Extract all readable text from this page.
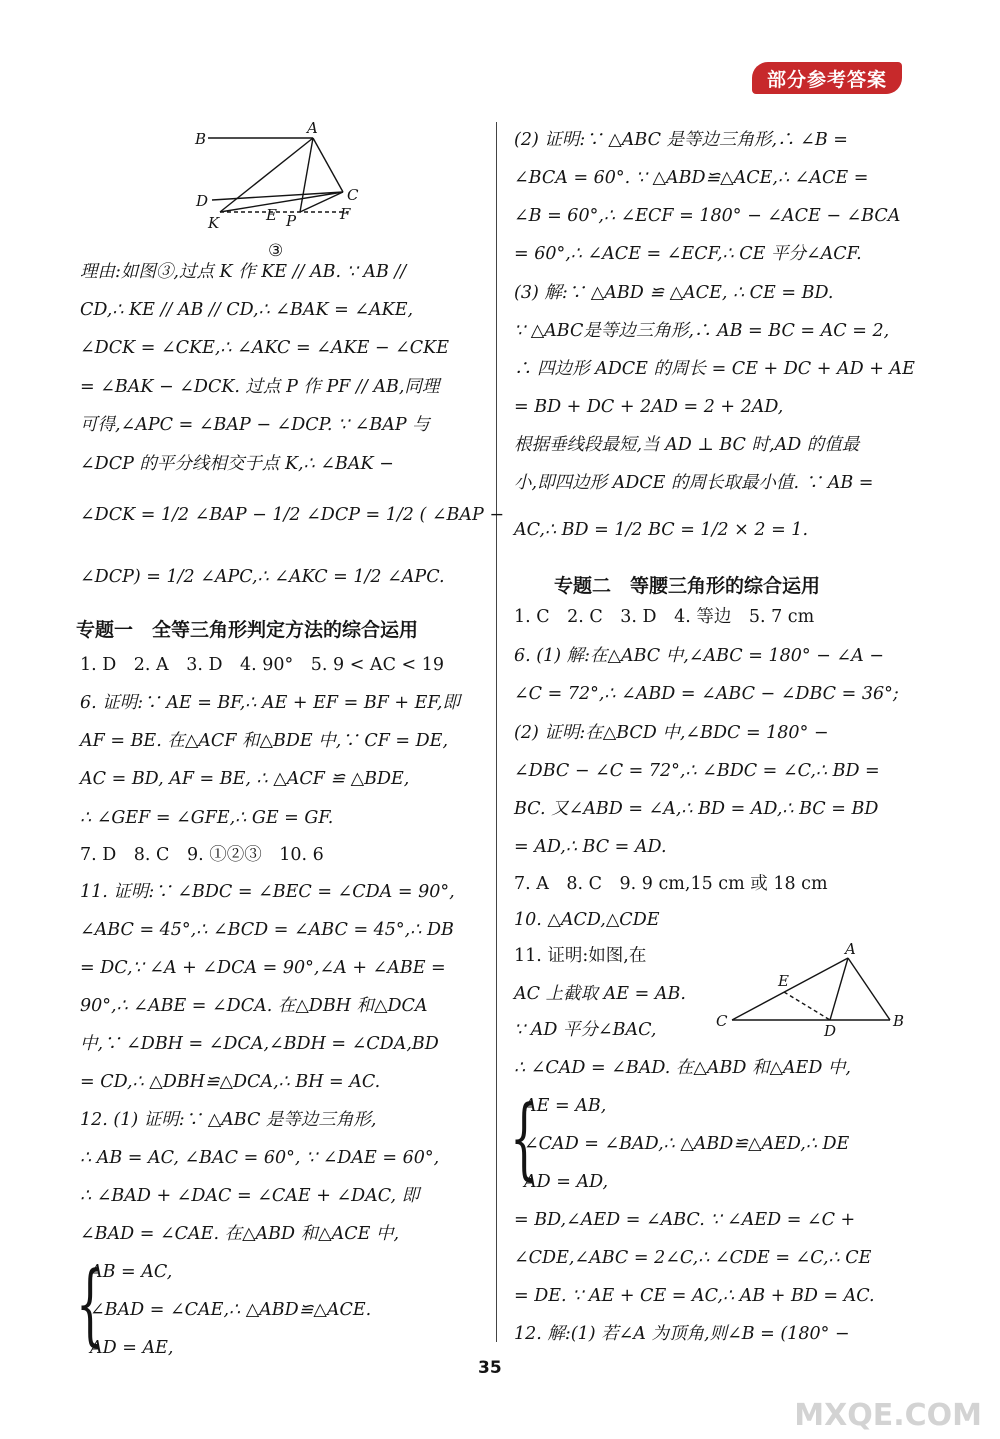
部分参考答案
B
A
D	C
K	E P	F
③
A
E
C
D
B
理由:如图③,过点 K 作 KE // AB. ∵ AB //
CD,∴ KE // AB // CD,∴ ∠BAK = ∠AKE,
∠DCK = ∠CKE,∴ ∠AKC = ∠AKE − ∠CKE
= ∠BAK − ∠DCK. 过点 P 作 PF // AB,同理
可得,∠APC = ∠BAP − ∠DCP. ∵ ∠BAP 与
∠DCP 的平分线相交于点 K,∴ ∠BAK −
∠DCK = 1/2 ∠BAP − 1/2 ∠DCP = 1/2 ( ∠BAP −
∠DCP) = 1/2 ∠APC,∴ ∠AKC = 1/2 ∠APC.
专题一　全等三角形判定方法的综合运用
1. D　2. A　3. D　4. 90°　5. 9 < AC < 19
6. 证明:∵ AE = BF,∴ AE + EF = BF + EF,即
AF = BE. 在△ACF 和△BDE 中,∵ CF = DE,
AC = BD, AF = BE, ∴ △ACF ≌ △BDE,
∴ ∠GEF = ∠GFE,∴ GE = GF.
7. D　8. C　9. ①②③　10. 6
11. 证明:∵ ∠BDC = ∠BEC = ∠CDA = 90°,
∠ABC = 45°,∴ ∠BCD = ∠ABC = 45°,∴ DB
= DC,∵ ∠A + ∠DCA = 90°,∠A + ∠ABE =
90°,∴ ∠ABE = ∠DCA. 在△DBH 和△DCA
中,∵ ∠DBH = ∠DCA,∠BDH = ∠CDA,BD
= CD,∴ △DBH≌△DCA,∴ BH = AC.
12. (1) 证明:∵ △ABC 是等边三角形,
∴ AB = AC, ∠BAC = 60°, ∵ ∠DAE = 60°,
∴ ∠BAD + ∠DAC = ∠CAE + ∠DAC, 即
∠BAD = ∠CAE. 在△ABD 和△ACE 中,
{
AB = AC,
∠BAD = ∠CAE,∴ △ABD≌△ACE.
AD = AE,
(2) 证明:∵ △ABC 是等边三角形,∴ ∠B =
∠BCA = 60°. ∵ △ABD≌△ACE,∴ ∠ACE =
∠B = 60°,∴ ∠ECF = 180° − ∠ACE − ∠BCA
= 60°,∴ ∠ACE = ∠ECF,∴ CE 平分∠ACF.
(3) 解:∵ △ABD ≌ △ACE, ∴ CE = BD.
∵ △ABC是等边三角形,∴ AB = BC = AC = 2,
∴ 四边形 ADCE 的周长 = CE + DC + AD + AE
= BD + DC + 2AD = 2 + 2AD,
根据垂线段最短,当 AD ⊥ BC 时,AD 的值最
小,即四边形 ADCE 的周长取最小值. ∵ AB =
AC,∴ BD = 1/2 BC = 1/2 × 2 = 1.
专题二　等腰三角形的综合运用
1. C　2. C　3. D　4. 等边　5. 7 cm
6. (1) 解:在△ABC 中,∠ABC = 180° − ∠A −
∠C = 72°,∴ ∠ABD = ∠ABC − ∠DBC = 36°;
(2) 证明:在△BCD 中,∠BDC = 180° −
∠DBC − ∠C = 72°,∴ ∠BDC = ∠C,∴ BD =
BC. 又∠ABD = ∠A,∴ BD = AD,∴ BC = BD
= AD,∴ BC = AD.
7. A　8. C　9. 9 cm,15 cm 或 18 cm
10. △ACD,△CDE
11. 证明:如图,在
AC 上截取 AE = AB.
∵ AD 平分∠BAC,
∴ ∠CAD = ∠BAD. 在△ABD 和△AED 中,
{
AE = AB,
∠CAD = ∠BAD,∴ △ABD≌△AED,∴ DE
AD = AD,
= BD,∠AED = ∠ABC. ∵ ∠AED = ∠C +
∠CDE,∠ABC = 2∠C,∴ ∠CDE = ∠C,∴ CE
= DE. ∵ AE + CE = AC,∴ AB + BD = AC.
12. 解:(1) 若∠A 为顶角,则∠B = (180° −
35
MXQE.COM
